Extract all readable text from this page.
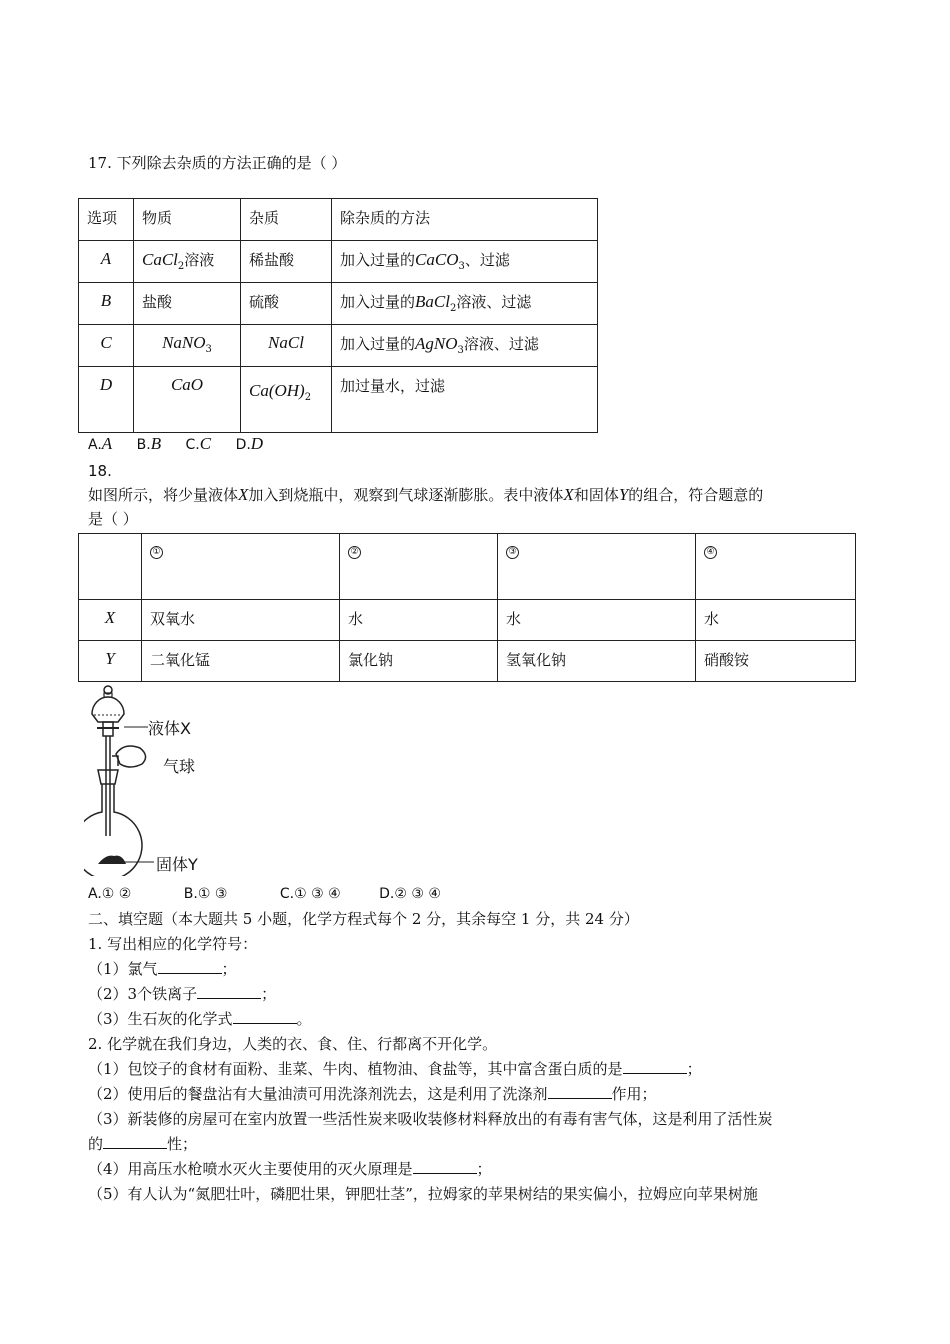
17. 下列除去杂质的方法正确的是（ ）
选项	物质	杂质	除杂质的方法
A	CaCl$_2$溶液	稀盐酸	加入过量的CaCO$_3$、过滤
B	盐酸	硫酸	加入过量的BaCl$_2$溶液、过滤
C	NaNO$_3$	NaCl	加入过量的AgNO$_3$溶液、过滤
D	CaO	$Ca(OH)_2$	加过量水，过滤
A.A B.B C.C D.D
18.
如图所示，将少量液体X加入到烧瓶中，观察到气球逐渐膨胀。表中液体X和固体Y的组合，符合题意的
是（ ）
	①	②	③	④
X	双氧水	水	水	水
Y	二氧化锰	氯化钠	氢氧化钠	硝酸铵
液体X
气球
固体Y
A.① ②	B.① ③	C.① ③ ④	D.② ③ ④
二、填空题（本大题共 5 小题，化学方程式每个 2 分，其余每空 1 分，共 24 分）
1. 写出相应的化学符号：
（1）氯气	；
（2）3个铁离子	；
（3）生石灰的化学式	。
2. 化学就在我们身边，人类的衣、食、住、行都离不开化学。
（1）包饺子的食材有面粉、韭菜、牛肉、植物油、食盐等，其中富含蛋白质的是	；
（2）使用后的餐盘沾有大量油渍可用洗涤剂洗去，这是利用了洗涤剂	作用；
（3）新装修的房屋可在室内放置一些活性炭来吸收装修材料释放出的有毒有害气体，这是利用了活性炭
的	性；
（4）用高压水枪喷水灭火主要使用的灭火原理是	；
（5）有人认为“氮肥壮叶，磷肥壮果，钾肥壮茎”，拉姆家的苹果树结的果实偏小，拉姆应向苹果树施
